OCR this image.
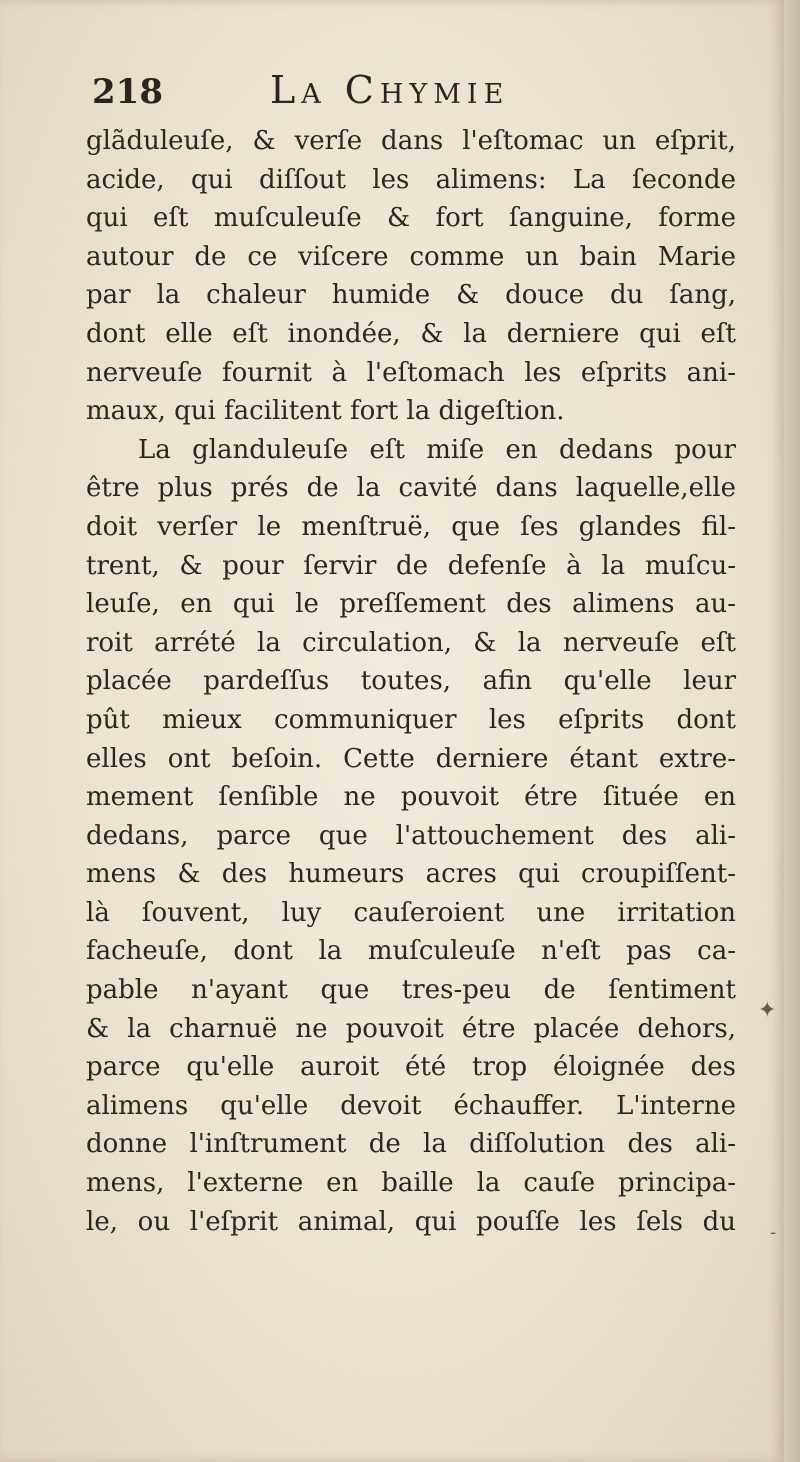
218	La Chymie
glãduleuſe, & verſe dans l'eſtomac un eſprit,
acide, qui diſſout les alimens: La ſeconde
qui eſt muſculeuſe & fort ſanguine, forme
autour de ce viſcere comme un bain Marie
par la chaleur humide & douce du ſang,
dont elle eſt inondée, & la derniere qui eſt
nerveuſe fournit à l'eſtomach les eſprits ani-
maux, qui facilitent fort la digeſtion.
La glanduleuſe eſt miſe en dedans pour
être plus prés de la cavité dans laquelle,elle
doit verſer le menſtruë, que ſes glandes fil-
trent, & pour ſervir de defenſe à la muſcu-
leuſe, en qui le preſſement des alimens au-
roit arrété la circulation, & la nerveuſe eſt
placée pardeſſus toutes, afin qu'elle leur
pût mieux communiquer les eſprits dont
elles ont beſoin. Cette derniere étant extre-
mement ſenſible ne pouvoit étre ſituée en
dedans, parce que l'attouchement des ali-
mens & des humeurs acres qui croupiſſent-
là ſouvent, luy cauſeroient une irritation
facheuſe, dont la muſculeuſe n'eſt pas ca-
pable n'ayant que tres-peu de ſentiment
& la charnuë ne pouvoit étre placée dehors,
parce qu'elle auroit été trop éloignée des
alimens qu'elle devoit échauffer. L'interne
donne l'inſtrument de la diſſolution des ali-
mens, l'externe en baille la cauſe principa-
le, ou l'eſprit animal, qui pouſſe les ſels du
✦
-
